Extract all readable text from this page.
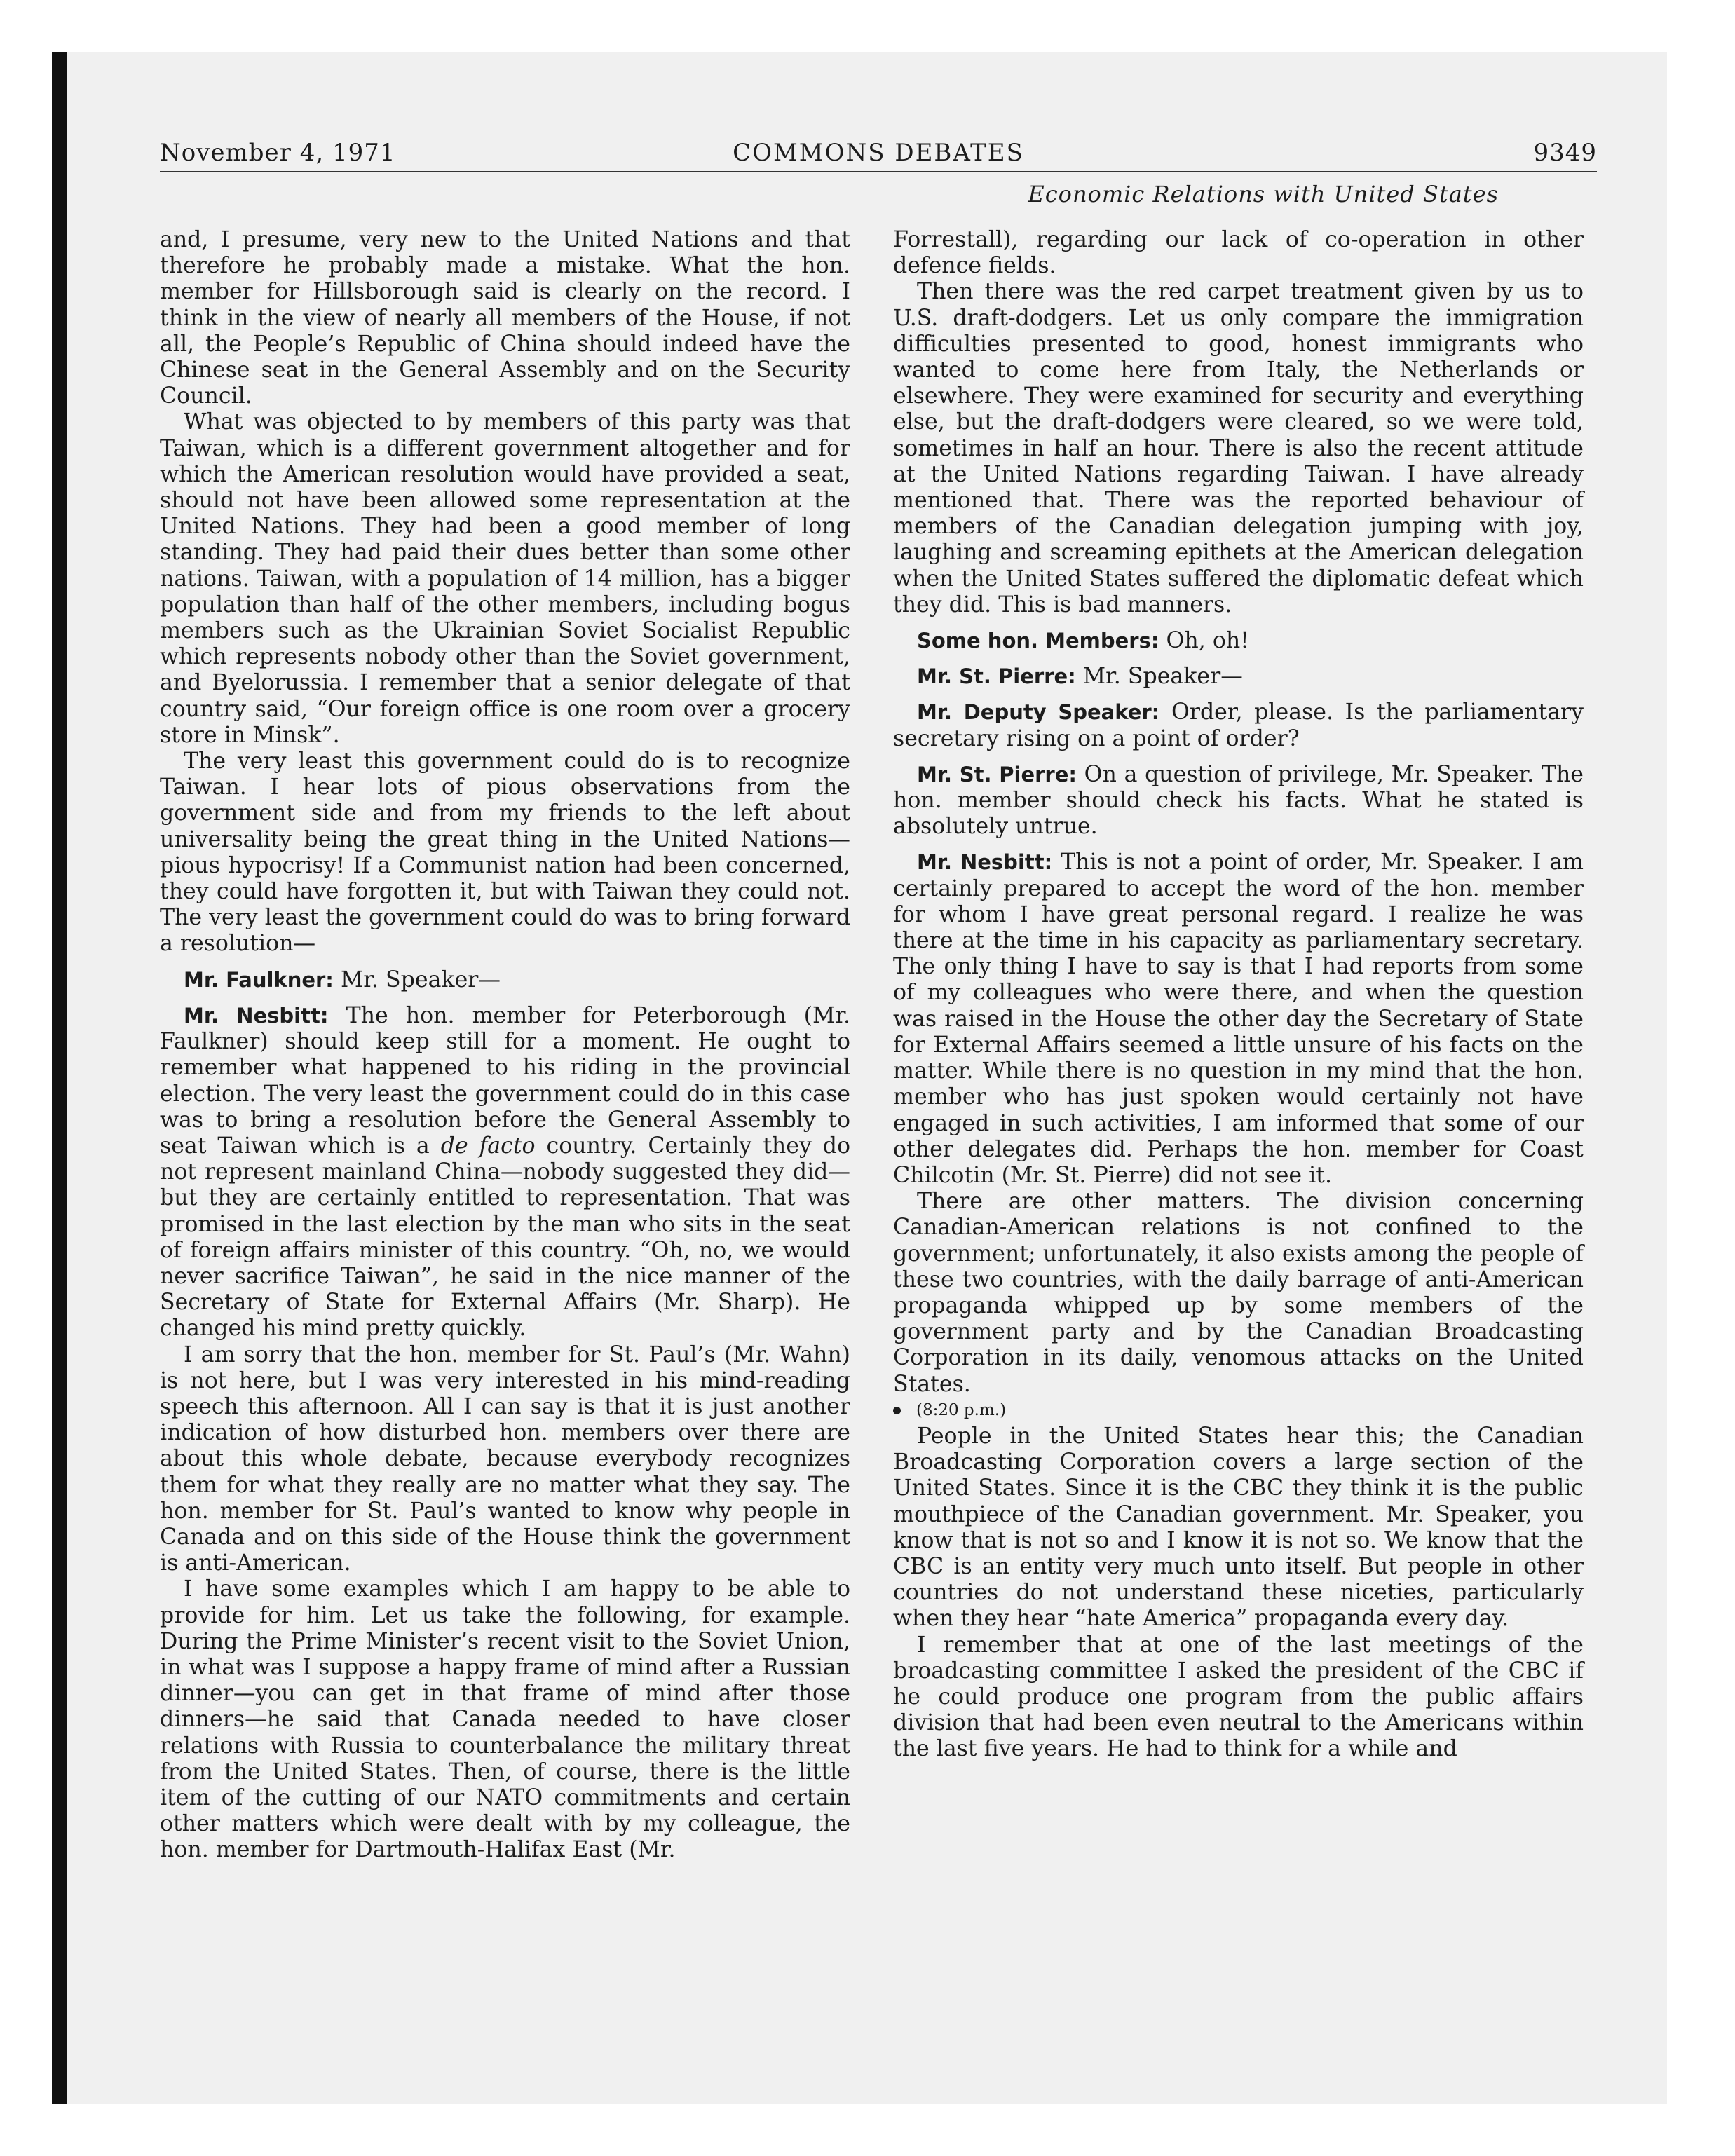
November 4, 1971	COMMONS DEBATES	9349
Economic Relations with United States

and, I presume, very new to the United Nations and that therefore he probably made a mistake. What the hon. member for Hillsborough said is clearly on the record. I think in the view of nearly all members of the House, if not all, the People’s Republic of China should indeed have the Chinese seat in the General Assembly and on the Security Council.

What was objected to by members of this party was that Taiwan, which is a different government altogether and for which the American resolution would have provided a seat, should not have been allowed some representation at the United Nations. They had been a good member of long standing. They had paid their dues better than some other nations. Taiwan, with a population of 14 million, has a bigger population than half of the other members, including bogus members such as the Ukrainian Soviet Socialist Republic which represents nobody other than the Soviet government, and Byelorussia. I remember that a senior delegate of that country said, “Our foreign office is one room over a grocery store in Minsk”.

The very least this government could do is to recognize Taiwan. I hear lots of pious observations from the government side and from my friends to the left about universality being the great thing in the United Nations—pious hypocrisy! If a Communist nation had been concerned, they could have forgotten it, but with Taiwan they could not. The very least the government could do was to bring forward a resolution—

Mr. Faulkner: Mr. Speaker—

Mr. Nesbitt: The hon. member for Peterborough (Mr. Faulkner) should keep still for a moment. He ought to remember what happened to his riding in the provincial election. The very least the government could do in this case was to bring a resolution before the General Assembly to seat Taiwan which is a de facto country. Certainly they do not represent mainland China—nobody suggested they did—but they are certainly entitled to representation. That was promised in the last election by the man who sits in the seat of foreign affairs minister of this country. “Oh, no, we would never sacrifice Taiwan”, he said in the nice manner of the Secretary of State for External Affairs (Mr. Sharp). He changed his mind pretty quickly.

I am sorry that the hon. member for St. Paul’s (Mr. Wahn) is not here, but I was very interested in his mind-reading speech this afternoon. All I can say is that it is just another indication of how disturbed hon. members over there are about this whole debate, because everybody recognizes them for what they really are no matter what they say. The hon. member for St. Paul’s wanted to know why people in Canada and on this side of the House think the government is anti-American.

I have some examples which I am happy to be able to provide for him. Let us take the following, for example. During the Prime Minister’s recent visit to the Soviet Union, in what was I suppose a happy frame of mind after a Russian dinner—you can get in that frame of mind after those dinners—he said that Canada needed to have closer relations with Russia to counterbalance the military threat from the United States. Then, of course, there is the little item of the cutting of our NATO commitments and certain other matters which were dealt with by my colleague, the hon. member for Dartmouth-Halifax East (Mr.

Forrestall), regarding our lack of co-operation in other defence fields.

Then there was the red carpet treatment given by us to U.S. draft-dodgers. Let us only compare the immigration difficulties presented to good, honest immigrants who wanted to come here from Italy, the Netherlands or elsewhere. They were examined for security and everything else, but the draft-dodgers were cleared, so we were told, sometimes in half an hour. There is also the recent attitude at the United Nations regarding Taiwan. I have already mentioned that. There was the reported behaviour of members of the Canadian delegation jumping with joy, laughing and screaming epithets at the American delegation when the United States suffered the diplomatic defeat which they did. This is bad manners.

Some hon. Members: Oh, oh!

Mr. St. Pierre: Mr. Speaker—

Mr. Deputy Speaker: Order, please. Is the parliamentary secretary rising on a point of order?

Mr. St. Pierre: On a question of privilege, Mr. Speaker. The hon. member should check his facts. What he stated is absolutely untrue.

Mr. Nesbitt: This is not a point of order, Mr. Speaker. I am certainly prepared to accept the word of the hon. member for whom I have great personal regard. I realize he was there at the time in his capacity as parliamentary secretary. The only thing I have to say is that I had reports from some of my colleagues who were there, and when the question was raised in the House the other day the Secretary of State for External Affairs seemed a little unsure of his facts on the matter. While there is no question in my mind that the hon. member who has just spoken would certainly not have engaged in such activities, I am informed that some of our other delegates did. Perhaps the hon. member for Coast Chilcotin (Mr. St. Pierre) did not see it.

There are other matters. The division concerning Canadian-American relations is not confined to the government; unfortunately, it also exists among the people of these two countries, with the daily barrage of anti-American propaganda whipped up by some members of the government party and by the Canadian Broadcasting Corporation in its daily, venomous attacks on the United States.

(8:20 p.m.)

People in the United States hear this; the Canadian Broadcasting Corporation covers a large section of the United States. Since it is the CBC they think it is the public mouthpiece of the Canadian government. Mr. Speaker, you know that is not so and I know it is not so. We know that the CBC is an entity very much unto itself. But people in other countries do not understand these niceties, particularly when they hear “hate America” propaganda every day.

I remember that at one of the last meetings of the broadcasting committee I asked the president of the CBC if he could produce one program from the public affairs division that had been even neutral to the Americans within the last five years. He had to think for a while and
